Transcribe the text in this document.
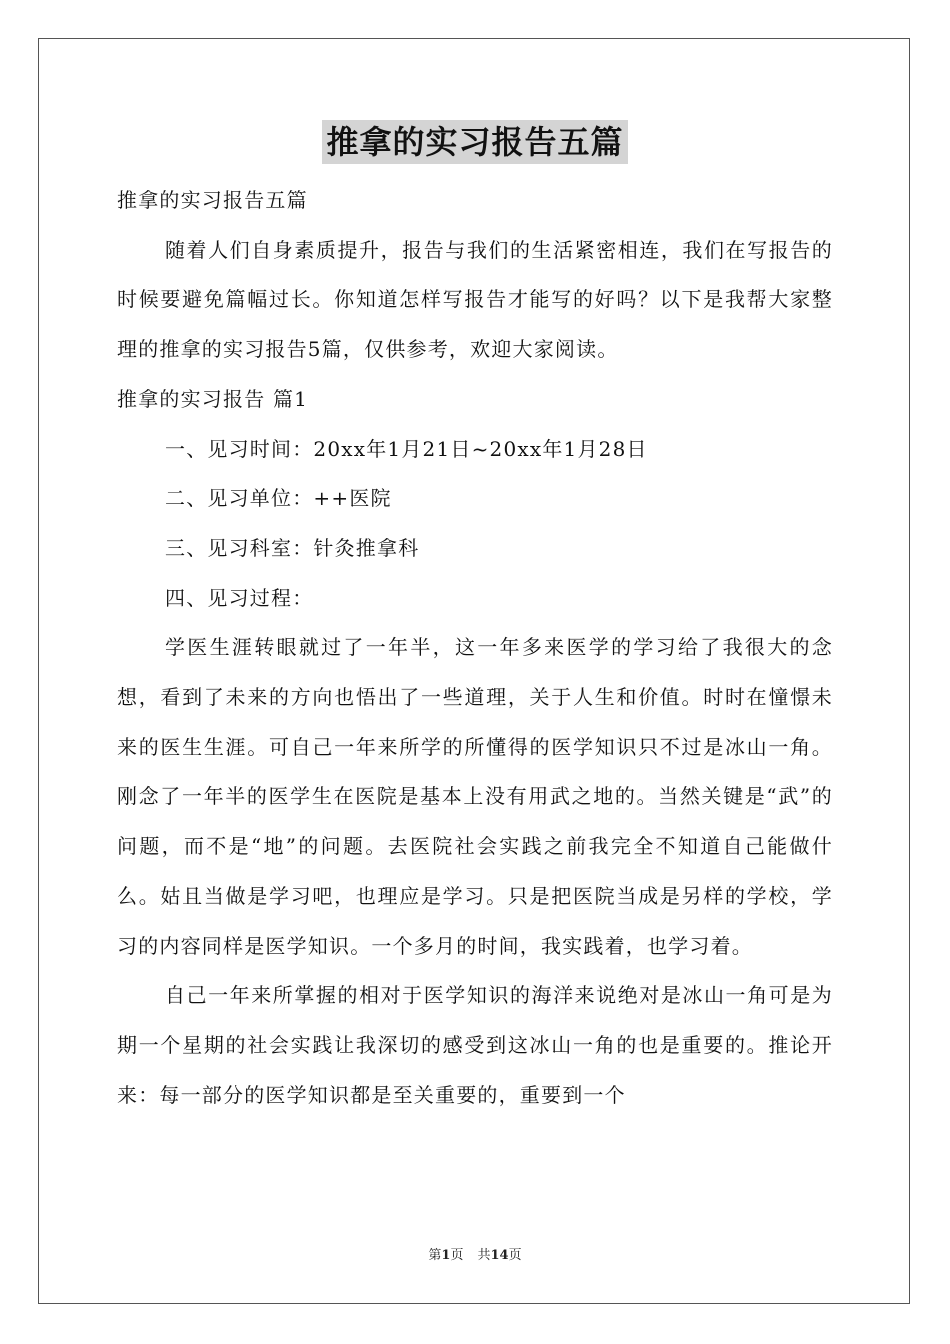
推拿的实习报告五篇

推拿的实习报告五篇

随着人们自身素质提升，报告与我们的生活紧密相连，我们在写报告的时候要避免篇幅过长。你知道怎样写报告才能写的好吗？以下是我帮大家整理的推拿的实习报告5篇，仅供参考，欢迎大家阅读。

推拿的实习报告 篇1

一、见习时间：20xx年1月21日~20xx年1月28日

二、见习单位：++医院

三、见习科室：针灸推拿科

四、见习过程：

学医生涯转眼就过了一年半，这一年多来医学的学习给了我很大的念想，看到了未来的方向也悟出了一些道理，关于人生和价值。时时在憧憬未来的医生生涯。可自己一年来所学的所懂得的医学知识只不过是冰山一角。刚念了一年半的医学生在医院是基本上没有用武之地的。当然关键是“武”的问题，而不是“地”的问题。去医院社会实践之前我完全不知道自己能做什么。姑且当做是学习吧，也理应是学习。只是把医院当成是另样的学校，学习的内容同样是医学知识。一个多月的时间，我实践着，也学习着。

自己一年来所掌握的相对于医学知识的海洋来说绝对是冰山一角可是为期一个星期的社会实践让我深切的感受到这冰山一角的也是重要的。推论开来：每一部分的医学知识都是至关重要的，重要到一个

第1页 共14页
